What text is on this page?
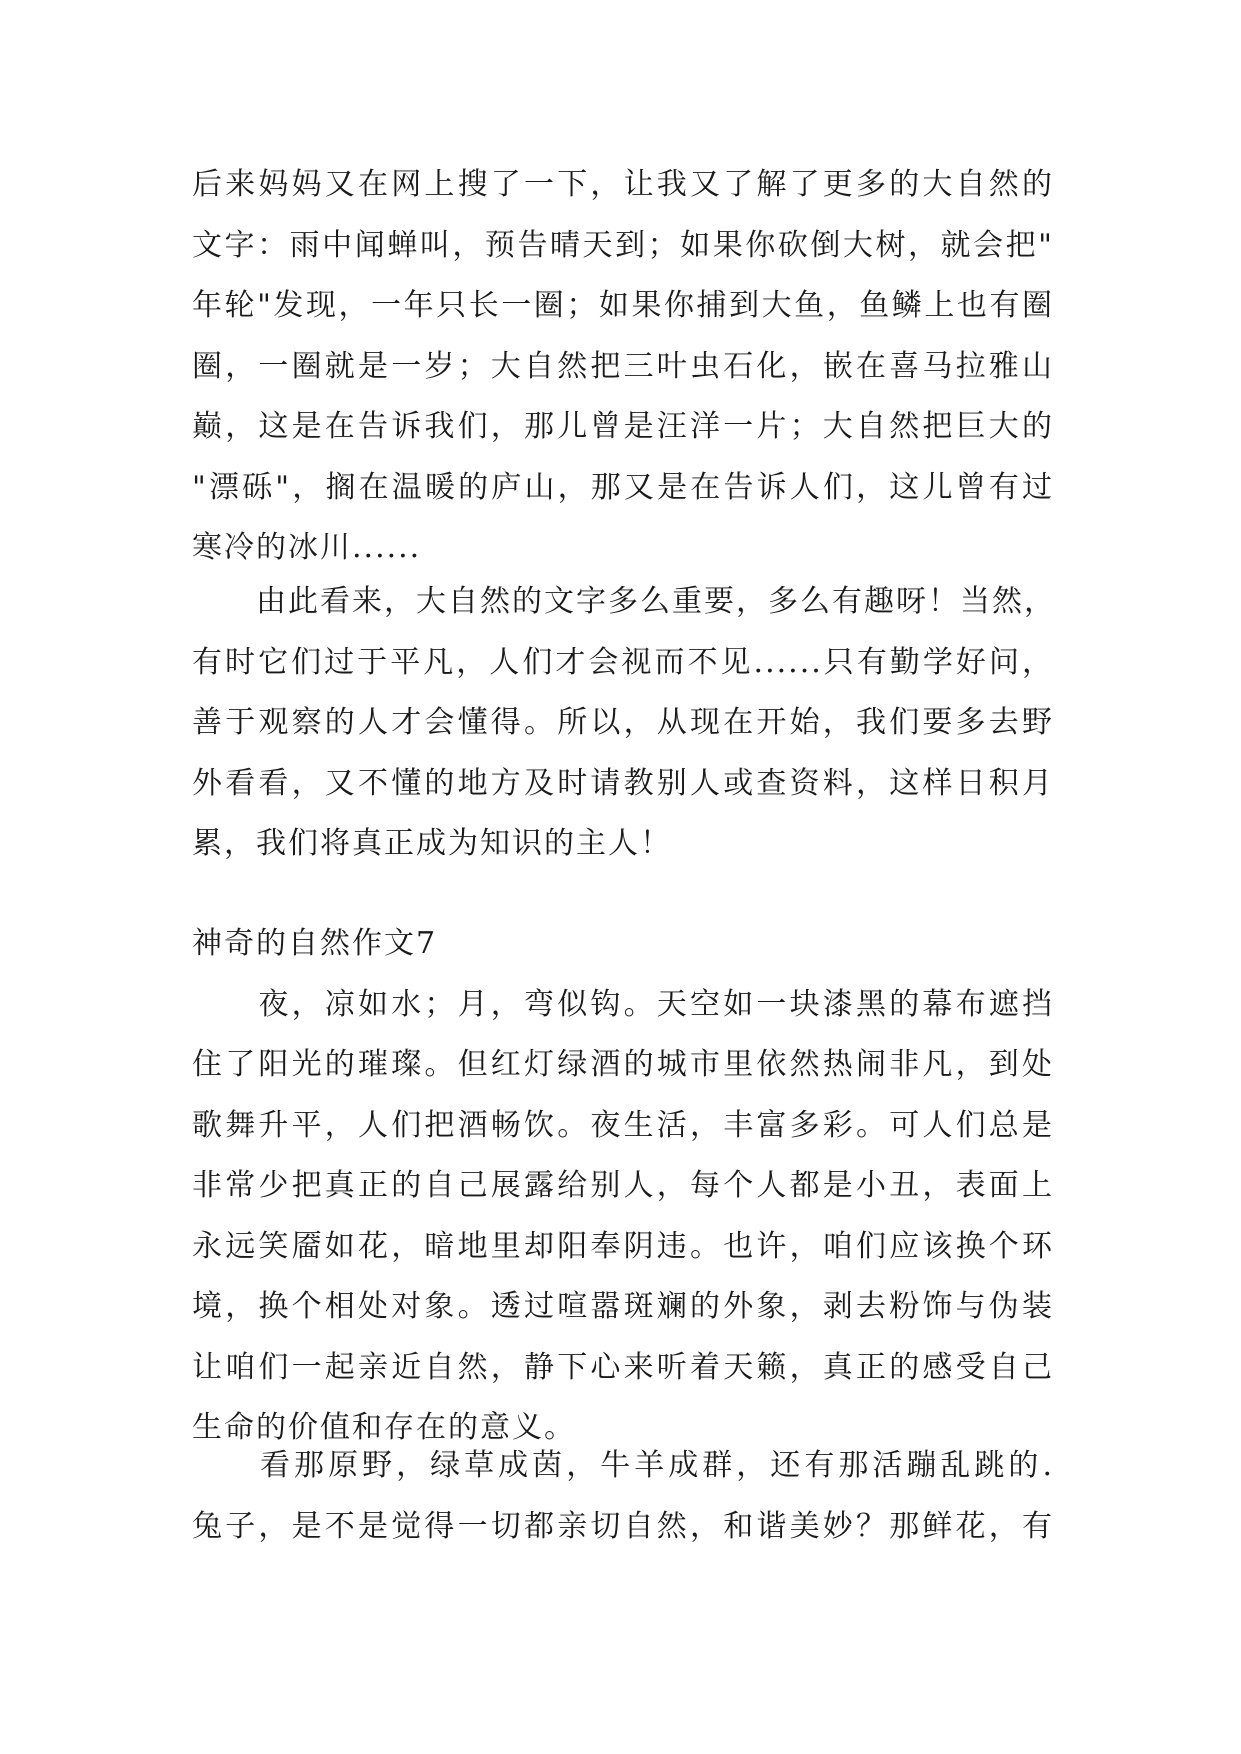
后来妈妈又在网上搜了一下，让我又了解了更多的大自然的
文字：雨中闻蝉叫，预告晴天到；如果你砍倒大树，就会把"
年轮"发现，一年只长一圈；如果你捕到大鱼，鱼鳞上也有圈
圈，一圈就是一岁；大自然把三叶虫石化，嵌在喜马拉雅山
巅，这是在告诉我们，那儿曾是汪洋一片；大自然把巨大的
"漂砾"，搁在温暖的庐山，那又是在告诉人们，这儿曾有过
寒冷的冰川......
　　由此看来，大自然的文字多么重要，多么有趣呀！当然，
有时它们过于平凡，人们才会视而不见......只有勤学好问，
善于观察的人才会懂得。所以，从现在开始，我们要多去野
外看看，又不懂的地方及时请教别人或查资料，这样日积月
累，我们将真正成为知识的主人！
神奇的自然作文7
　　夜，凉如水；月，弯似钩。天空如一块漆黑的幕布遮挡
住了阳光的璀璨。但红灯绿酒的城市里依然热闹非凡，到处
歌舞升平，人们把酒畅饮。夜生活，丰富多彩。可人们总是
非常少把真正的自己展露给别人，每个人都是小丑，表面上
永远笑靥如花，暗地里却阳奉阴违。也许，咱们应该换个环
境，换个相处对象。透过喧嚣斑斓的外象，剥去粉饰与伪装
让咱们一起亲近自然，静下心来听着天籁，真正的感受自己
生命的价值和存在的意义。
　　看那原野，绿草成茵，牛羊成群，还有那活蹦乱跳的.
兔子，是不是觉得一切都亲切自然，和谐美妙？那鲜花，有
